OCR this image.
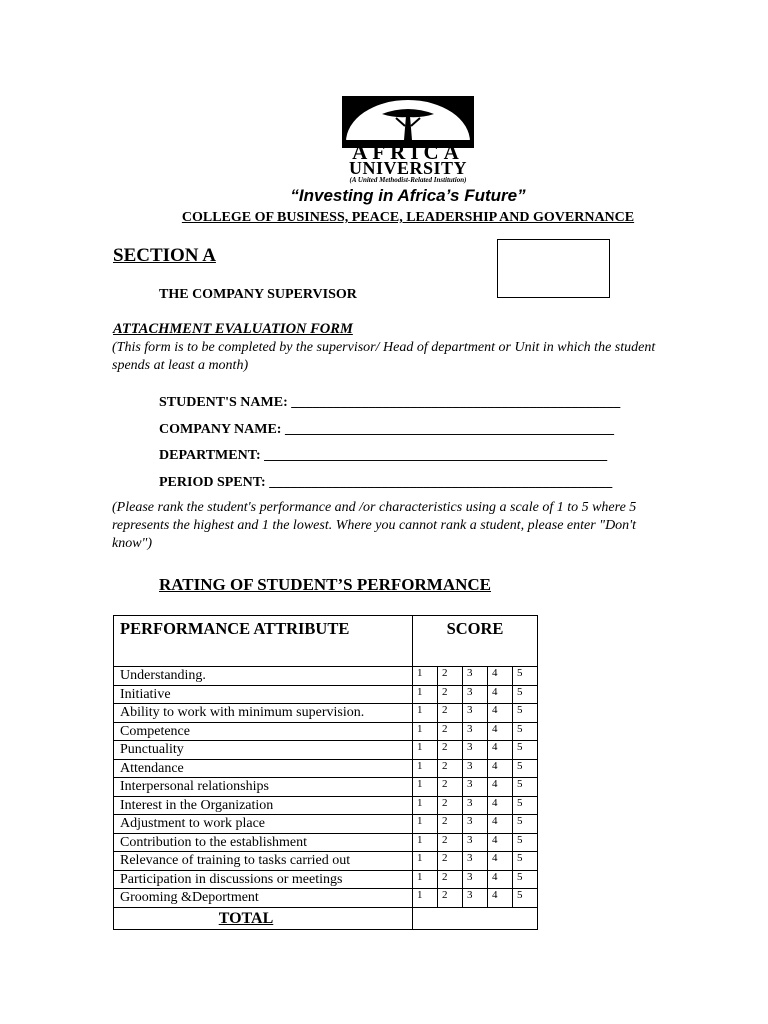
AFRICA
UNIVERSITY
(A United Methodist-Related Institution)
“Investing in Africa’s Future”
COLLEGE OF BUSINESS, PEACE, LEADERSHIP AND GOVERNANCE
SECTION A
THE COMPANY SUPERVISOR
ATTACHMENT EVALUATION FORM
(This form is to be completed by the supervisor/ Head of department or Unit in which the student spends at least a month)
STUDENT'S NAME: _______________________________________________
COMPANY NAME: _______________________________________________
DEPARTMENT: _________________________________________________
PERIOD SPENT: _________________________________________________
(Please rank the student's performance and /or characteristics using a scale of 1 to 5 where 5 represents the highest and 1 the lowest. Where you cannot rank a student, please enter "Don't know")
RATING OF STUDENT’S PERFORMANCE
PERFORMANCE ATTRIBUTE	SCORE				
Understanding.	1	2	3	4	5
Initiative	1	2	3	4	5
Ability to work with minimum supervision.	1	2	3	4	5
Competence	1	2	3	4	5
Punctuality	1	2	3	4	5
Attendance	1	2	3	4	5
Interpersonal relationships	1	2	3	4	5
Interest in the Organization	1	2	3	4	5
Adjustment to work place	1	2	3	4	5
Contribution to the establishment	1	2	3	4	5
Relevance of training to tasks carried out	1	2	3	4	5
Participation in discussions or meetings	1	2	3	4	5
Grooming &Deportment	1	2	3	4	5

TOTAL					
